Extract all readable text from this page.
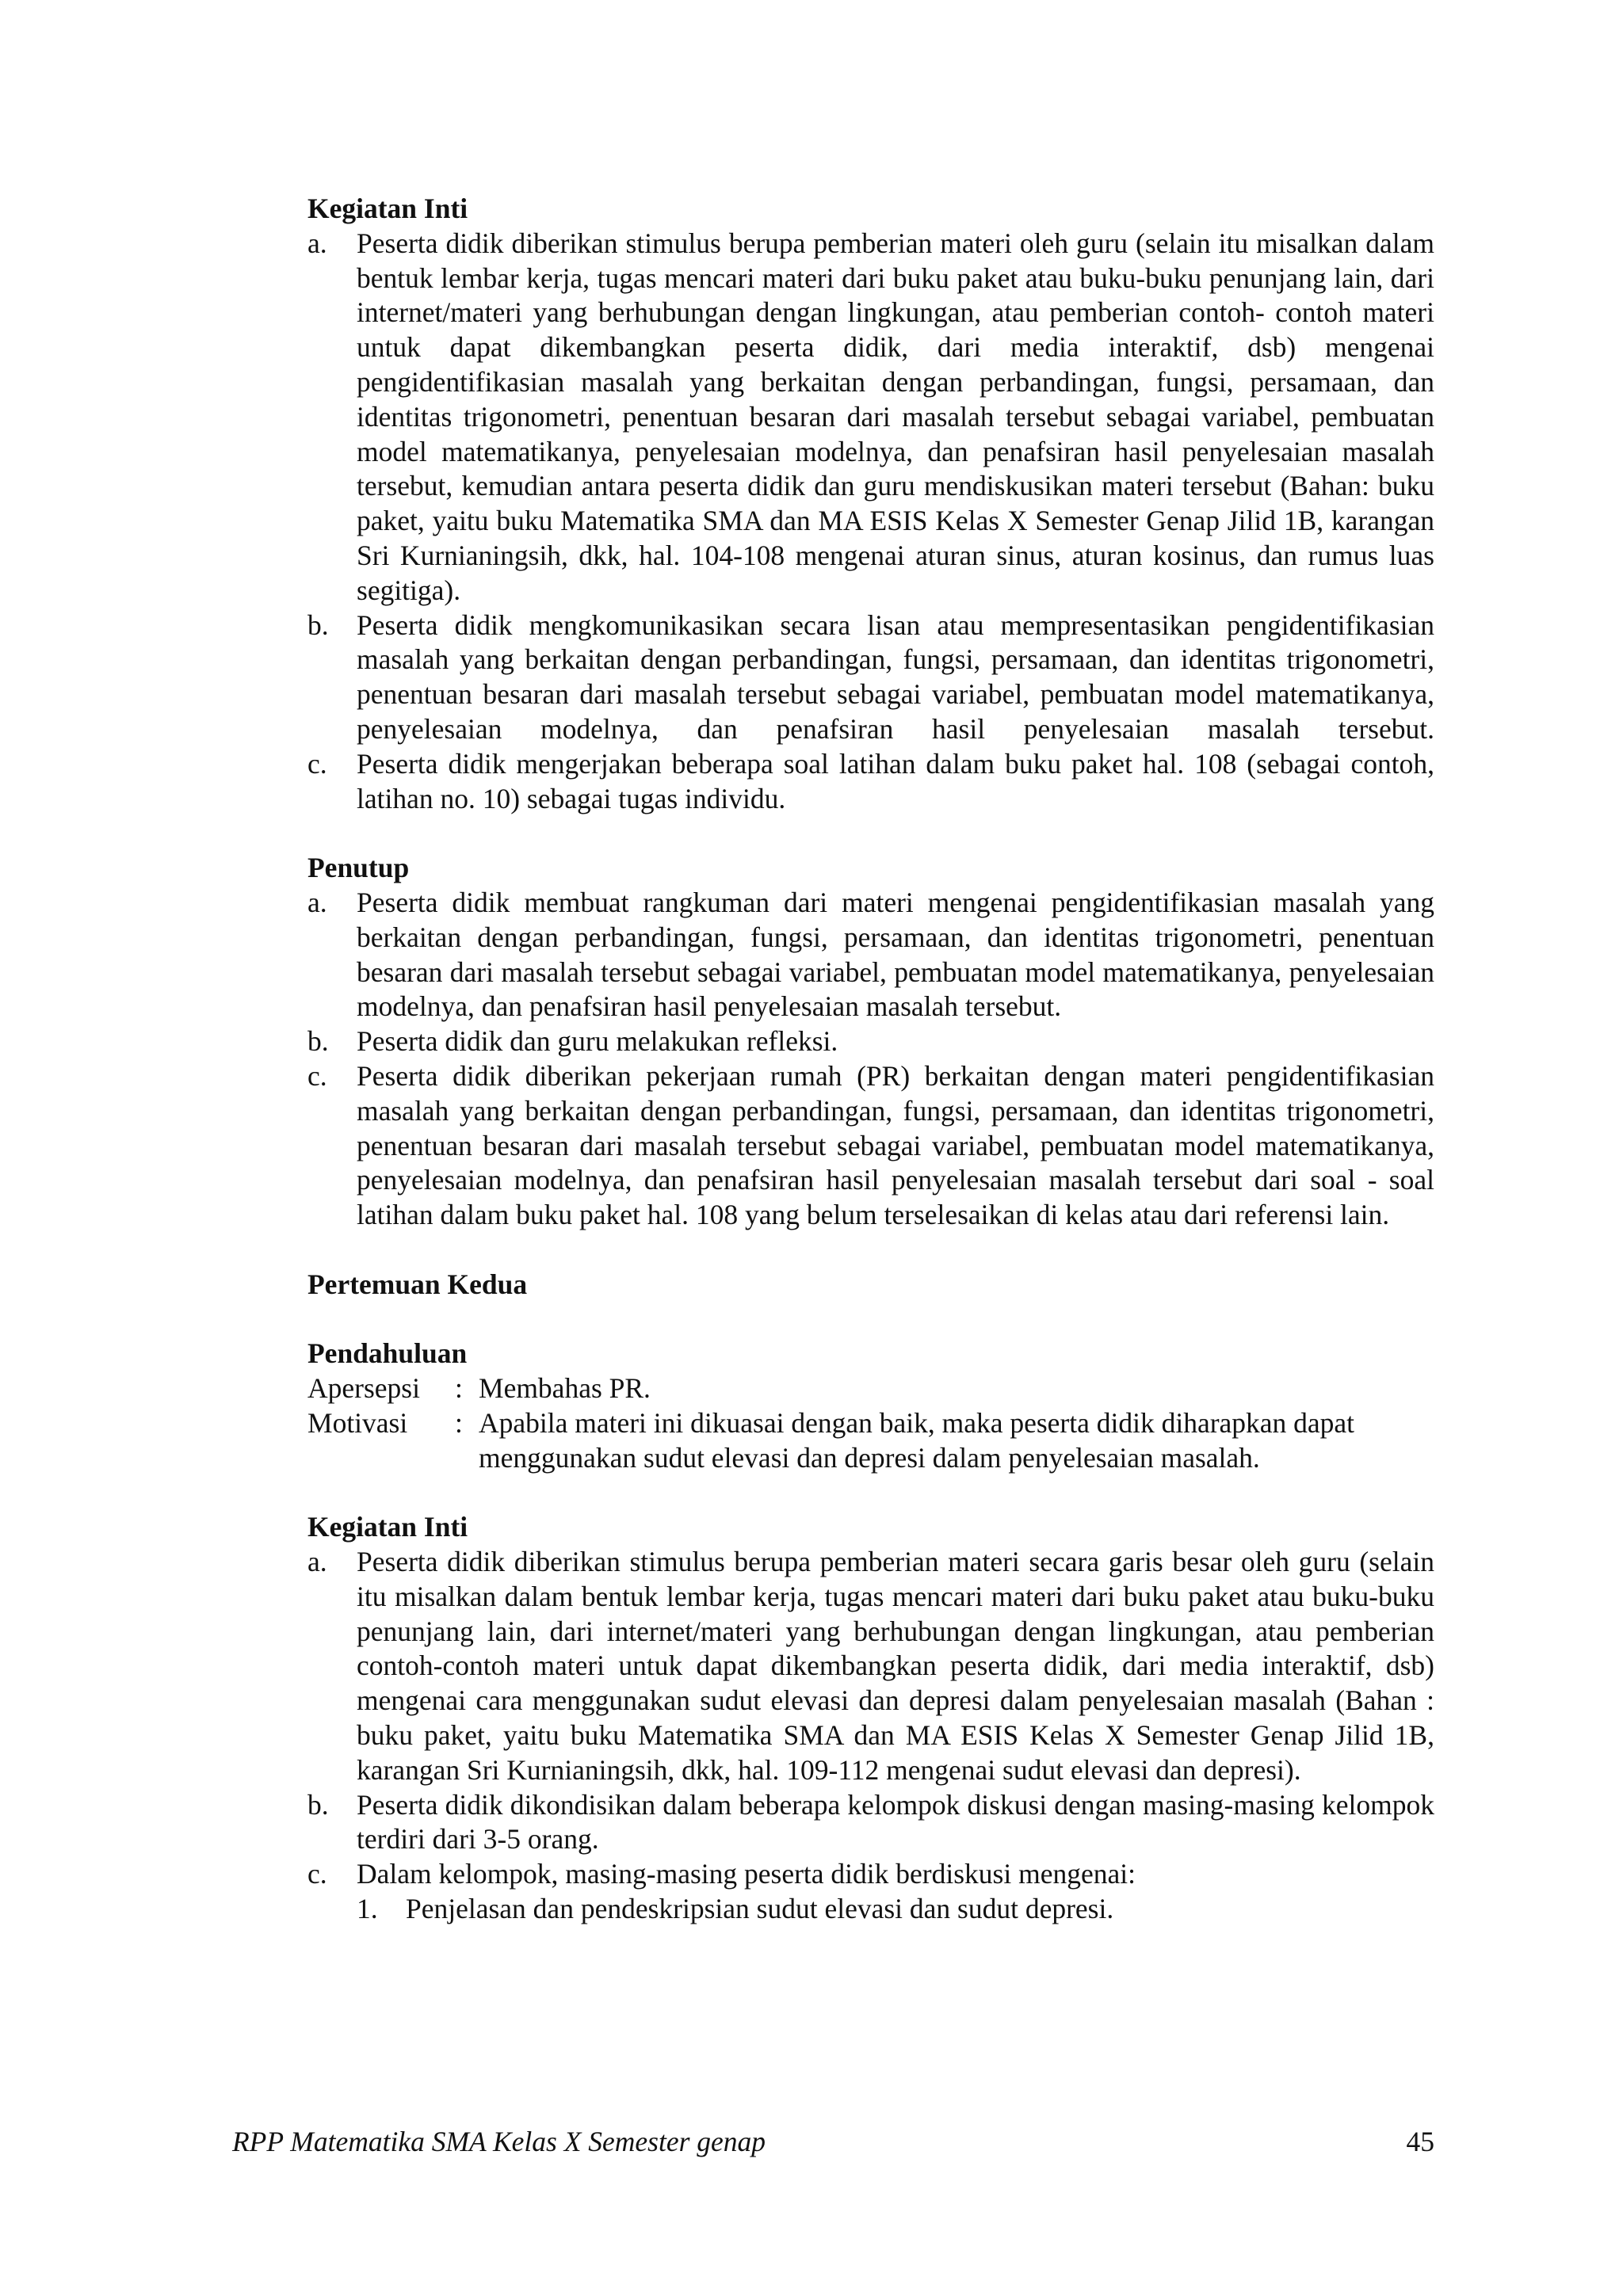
Kegiatan Inti

a. Peserta didik diberikan stimulus berupa pemberian materi oleh guru (selain itu misalkan dalam bentuk lembar kerja, tugas mencari materi dari buku paket atau buku-buku penunjang lain, dari internet/materi yang berhubungan dengan lingkungan, atau pemberian contoh- contoh materi untuk dapat dikembangkan peserta didik, dari media interaktif, dsb) mengenai pengidentifikasian masalah yang berkaitan dengan perbandingan, fungsi, persamaan, dan identitas trigonometri, penentuan besaran dari masalah tersebut sebagai variabel, pembuatan model matematikanya, penyelesaian modelnya, dan penafsiran hasil penyelesaian masalah tersebut, kemudian antara peserta didik dan guru mendiskusikan materi tersebut (Bahan: buku paket, yaitu buku Matematika SMA dan MA ESIS Kelas X Semester Genap Jilid 1B, karangan Sri Kurnianingsih, dkk, hal. 104-108 mengenai aturan sinus, aturan kosinus, dan rumus luas segitiga).
b. Peserta didik mengkomunikasikan secara lisan atau mempresentasikan pengidentifikasian masalah yang berkaitan dengan perbandingan, fungsi, persamaan, dan identitas trigonometri, penentuan besaran dari masalah tersebut sebagai variabel, pembuatan model matematikanya, penyelesaian modelnya, dan penafsiran hasil penyelesaian masalah tersebut.
c. Peserta didik mengerjakan beberapa soal latihan dalam buku paket hal. 108 (sebagai contoh, latihan no. 10) sebagai tugas individu.

Penutup

a. Peserta didik membuat rangkuman dari materi mengenai pengidentifikasian masalah yang berkaitan dengan perbandingan, fungsi, persamaan, dan identitas trigonometri, penentuan besaran dari masalah tersebut sebagai variabel, pembuatan model matematikanya, penyelesaian modelnya, dan penafsiran hasil penyelesaian masalah tersebut.
b. Peserta didik dan guru melakukan refleksi.
c. Peserta didik diberikan pekerjaan rumah (PR) berkaitan dengan materi pengidentifikasian masalah yang berkaitan dengan perbandingan, fungsi, persamaan, dan identitas trigonometri, penentuan besaran dari masalah tersebut sebagai variabel, pembuatan model matematikanya, penyelesaian modelnya, dan penafsiran hasil penyelesaian masalah tersebut dari soal - soal latihan dalam buku paket hal. 108 yang belum terselesaikan di kelas atau dari referensi lain.

Pertemuan Kedua

Pendahuluan

Apersepsi : Membahas PR.
Motivasi : Apabila materi ini dikuasai dengan baik, maka peserta didik diharapkan dapat menggunakan sudut elevasi dan depresi dalam penyelesaian masalah.

Kegiatan Inti

a. Peserta didik diberikan stimulus berupa pemberian materi secara garis besar oleh guru (selain itu misalkan dalam bentuk lembar kerja, tugas mencari materi dari buku paket atau buku-buku penunjang lain, dari internet/materi yang berhubungan dengan lingkungan, atau pemberian contoh-contoh materi untuk dapat dikembangkan peserta didik, dari media interaktif, dsb) mengenai cara menggunakan sudut elevasi dan depresi dalam penyelesaian masalah (Bahan : buku paket, yaitu buku Matematika SMA dan MA ESIS Kelas X Semester Genap Jilid 1B, karangan Sri Kurnianingsih, dkk, hal. 109-112 mengenai sudut elevasi dan depresi).
b. Peserta didik dikondisikan dalam beberapa kelompok diskusi dengan masing-masing kelompok terdiri dari 3-5 orang.
c. Dalam kelompok, masing-masing peserta didik berdiskusi mengenai:
1. Penjelasan dan pendeskripsian sudut elevasi dan sudut depresi.
RPP Matematika SMA Kelas X Semester genap	45
